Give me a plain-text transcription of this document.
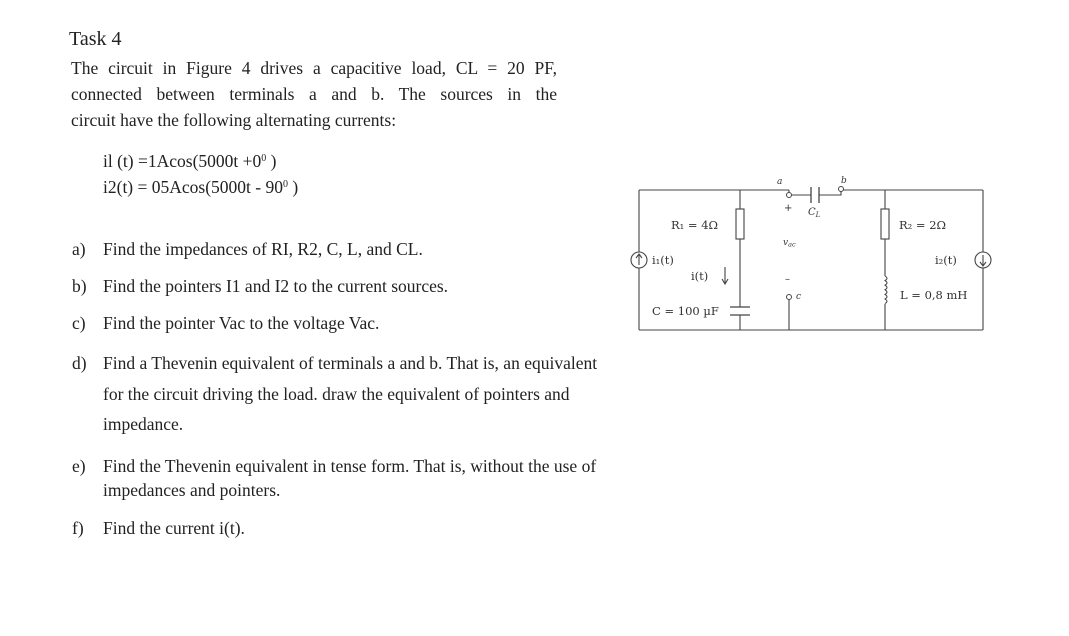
Task 4
The circuit in Figure 4 drives a capacitive load, CL = 20 PF,
connected between terminals a and b. The sources in the
circuit have the following alternating currents:
il $(t) =1Acos(5000t +0^0$ )
$i2(t) = 05Acos(5000t - 90^0$ )
a) Find the impedances of RI, R2, C, L, and CL.
b) Find the pointers I1 and I2 to the current sources.
c) Find the pointer Vac to the voltage Vac.
d) Find a Thevenin equivalent of terminals a and b. That is, an equivalent
for the circuit driving the load. draw the equivalent of pointers and
impedance.
e) Find the Thevenin equivalent in tense form. That is, without the use of
impedances and pointers.
f) Find the current i(t).
R₁ = 4Ω	R₂ = 2Ω
i₁(t)	i₂(t)
i(t)
C = 100 µF
L = 0,8 mH
$C_L$
a	b
c
vac
+
–
